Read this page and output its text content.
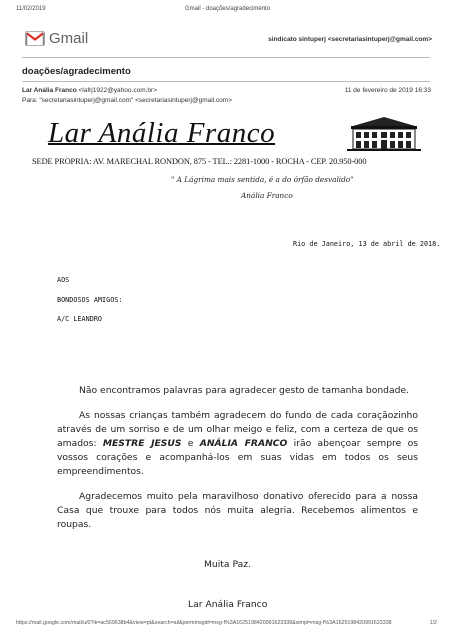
11/02/2019	Gmail - doações/agradecimento
Gmail	sindicato sintuperj <secretariasintuperj@gmail.com>
doações/agradecimento
Lar Anália Franco <lafrj1922@yahoo.com.br>	11 de fevereiro de 2019 16:33
Para: "secretariasintuperj@gmail.com" <secretariasintuperj@gmail.com>
Lar Anália Franco
SEDE PROPRIA: AV. MARECHAL RONDON, 875 - TEL.: 2281-1000 - ROCHA - CEP. 20.950-000
" A Lágrima mais sentida, é a do órfão desvalido"
Anália Franco
Rio de Janeiro, 13 de abril de 2018.
AOS
BONDOSOS AMIGOS:
A/C LEANDRO

Não encontramos palavras para agradecer gesto de tamanha bondade.

As nossas crianças também agradecem do fundo de cada coraçãozinho através de um sorriso e de um olhar meigo e feliz, com a certeza de que os amados: MESTRE JESUS e ANÁLIA FRANCO irão abençoar sempre os vossos corações e acompanhá-los em suas vidas em todos os seus empreendimentos.

Agradecemos muito pela maravilhoso donativo oferecido para a nossa Casa que trouxe para todos nós muita alegria. Recebemos alimentos e roupas.

Muita Paz.
Lar Anália Franco
https://mail.google.com/mail/u/0?ik=ac569638b4&view=pt&search=all&permmsgid=msg-f%3A1625198420991623338&simpl=msg-f%3A1625198420991623338	1/2
